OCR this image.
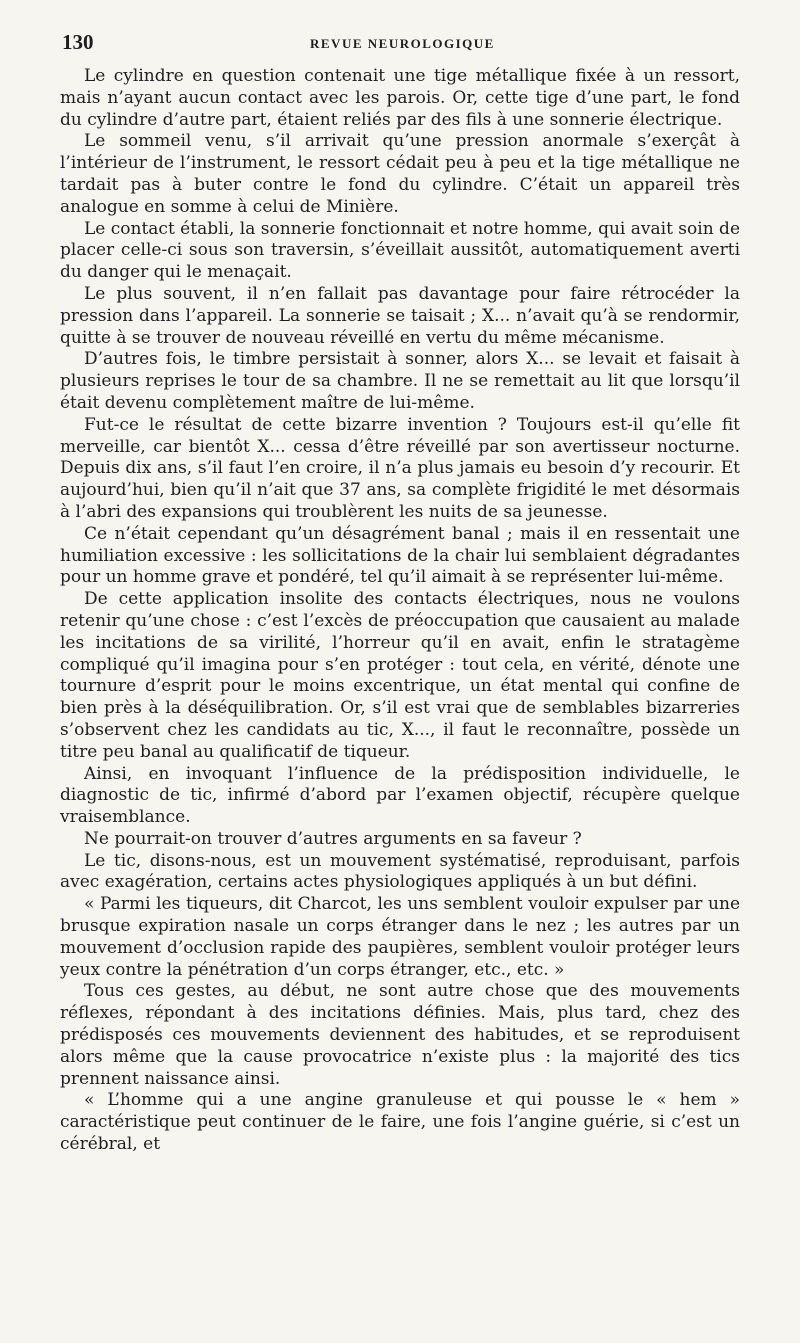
130	REVUE NEUROLOGIQUE

Le cylindre en question contenait une tige métallique fixée à un ressort, mais n’ayant aucun contact avec les parois. Or, cette tige d’une part, le fond du cylindre d’autre part, étaient reliés par des fils à une sonnerie électrique.

Le sommeil venu, s’il arrivait qu’une pression anormale s’exerçât à l’intérieur de l’instrument, le ressort cédait peu à peu et la tige métallique ne tardait pas à buter contre le fond du cylindre. C’était un appareil très analogue en somme à celui de Minière.

Le contact établi, la sonnerie fonctionnait et notre homme, qui avait soin de placer celle-ci sous son traversin, s’éveillait aussitôt, automatiquement averti du danger qui le menaçait.

Le plus souvent, il n’en fallait pas davantage pour faire rétrocéder la pression dans l’appareil. La sonnerie se taisait ; X... n’avait qu’à se rendormir, quitte à se trouver de nouveau réveillé en vertu du même mécanisme.

D’autres fois, le timbre persistait à sonner, alors X... se levait et faisait à plusieurs reprises le tour de sa chambre. Il ne se remettait au lit que lorsqu’il était devenu complètement maître de lui-même.

Fut-ce le résultat de cette bizarre invention ? Toujours est-il qu’elle fit merveille, car bientôt X... cessa d’être réveillé par son avertisseur nocturne. Depuis dix ans, s’il faut l’en croire, il n’a plus jamais eu besoin d’y recourir. Et aujourd’hui, bien qu’il n’ait que 37 ans, sa complète frigidité le met désormais à l’abri des expansions qui troublèrent les nuits de sa jeunesse.

Ce n’était cependant qu’un désagrément banal ; mais il en ressentait une humiliation excessive : les sollicitations de la chair lui semblaient dégradantes pour un homme grave et pondéré, tel qu’il aimait à se représenter lui-même.

De cette application insolite des contacts électriques, nous ne voulons retenir qu’une chose : c’est l’excès de préoccupation que causaient au malade les incitations de sa virilité, l’horreur qu’il en avait, enfin le stratagème compliqué qu’il imagina pour s’en protéger : tout cela, en vérité, dénote une tournure d’esprit pour le moins excentrique, un état mental qui confine de bien près à la déséquilibration. Or, s’il est vrai que de semblables bizarreries s’observent chez les candidats au tic, X..., il faut le reconnaître, possède un titre peu banal au qualificatif de tiqueur.

Ainsi, en invoquant l’influence de la prédisposition individuelle, le diagnostic de tic, infirmé d’abord par l’examen objectif, récupère quelque vraisemblance.

Ne pourrait-on trouver d’autres arguments en sa faveur ?

Le tic, disons-nous, est un mouvement systématisé, reproduisant, parfois avec exagération, certains actes physiologiques appliqués à un but défini.

« Parmi les tiqueurs, dit Charcot, les uns semblent vouloir expulser par une brusque expiration nasale un corps étranger dans le nez ; les autres par un mouvement d’occlusion rapide des paupières, semblent vouloir protéger leurs yeux contre la pénétration d’un corps étranger, etc., etc. »

Tous ces gestes, au début, ne sont autre chose que des mouvements réflexes, répondant à des incitations définies. Mais, plus tard, chez des prédisposés ces mouvements deviennent des habitudes, et se reproduisent alors même que la cause provocatrice n’existe plus : la majorité des tics prennent naissance ainsi.

« L’homme qui a une angine granuleuse et qui pousse le « hem » caractéristique peut continuer de le faire, une fois l’angine guérie, si c’est un cérébral, et
